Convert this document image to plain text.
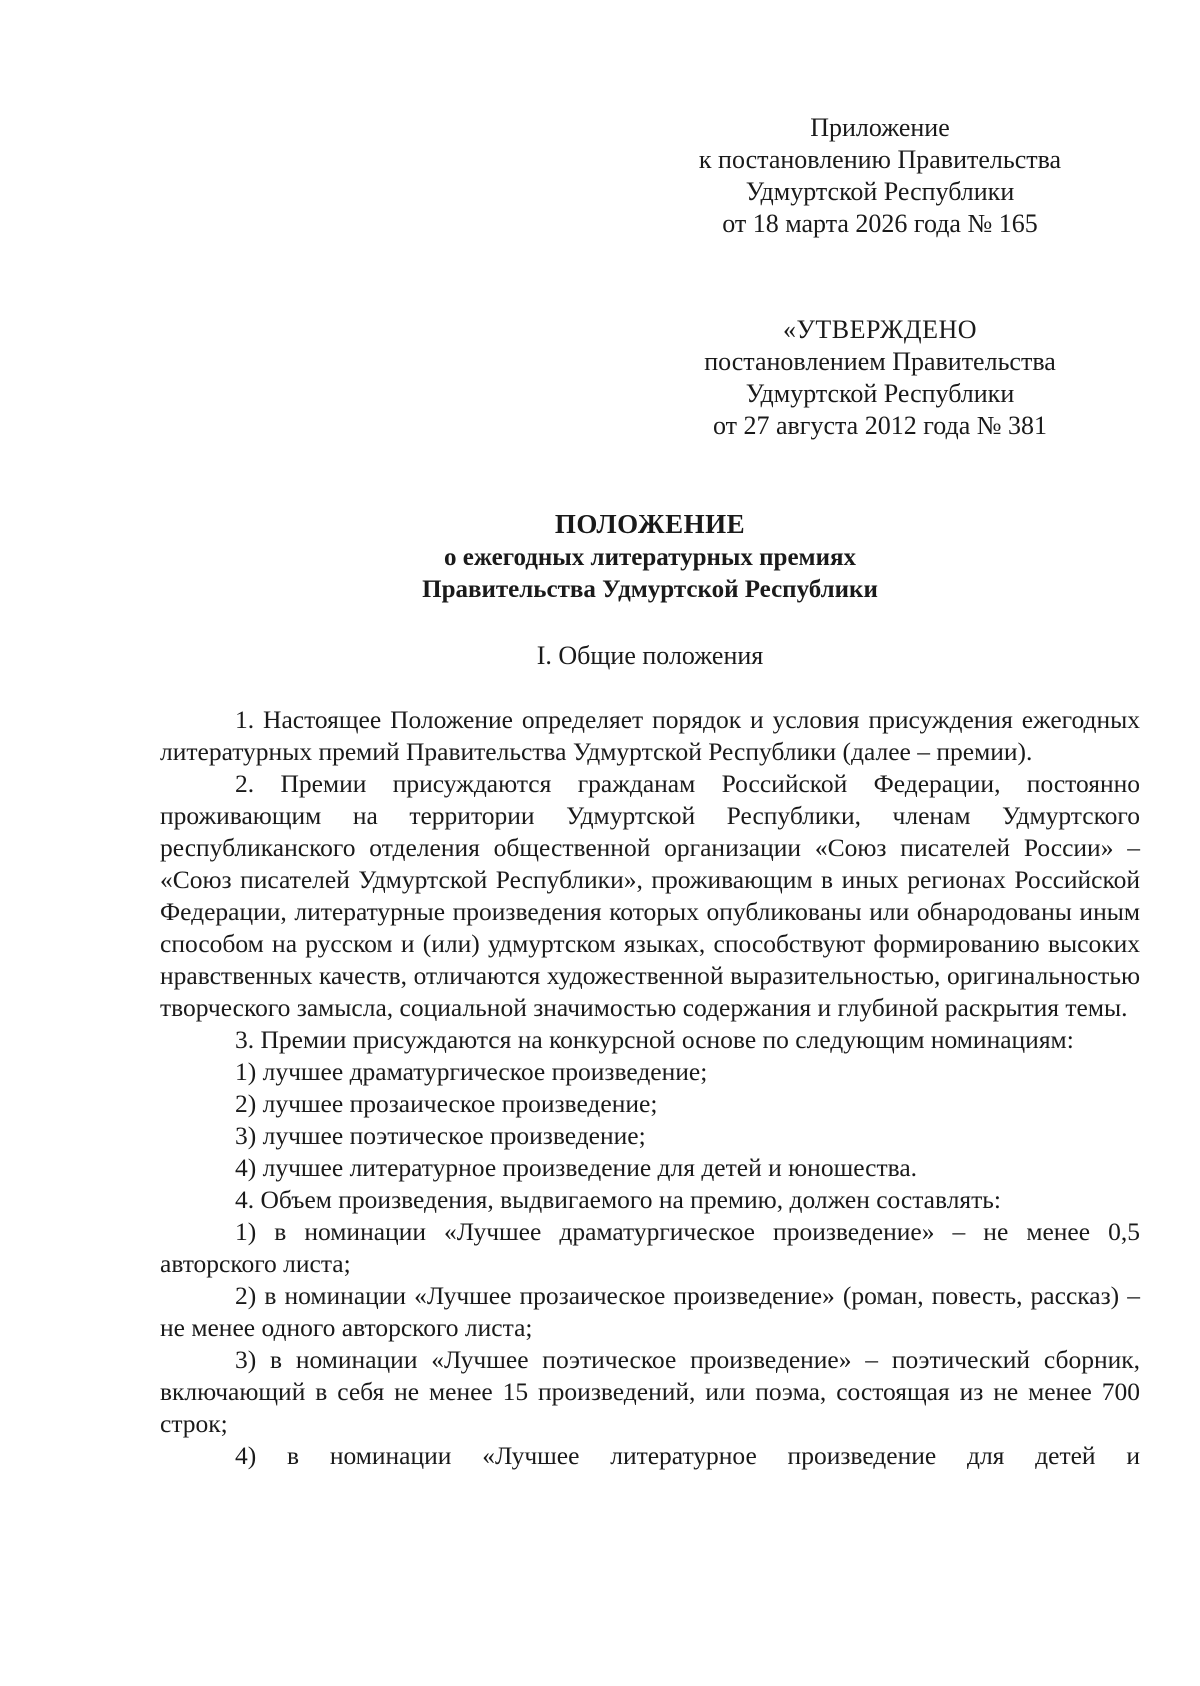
Приложение
к постановлению Правительства
Удмуртской Республики
от 18 марта 2026 года № 165
«УТВЕРЖДЕНО
постановлением Правительства
Удмуртской Республики
от 27 августа 2012 года № 381
ПОЛОЖЕНИЕ
о ежегодных литературных премиях
Правительства Удмуртской Республики
I. Общие положения

1. Настоящее Положение определяет порядок и условия присуждения ежегодных литературных премий Правительства Удмуртской Республики (далее – премии).

2. Премии присуждаются гражданам Российской Федерации, постоянно проживающим на территории Удмуртской Республики, членам Удмуртского республиканского отделения общественной организации «Союз писателей России» – «Союз писателей Удмуртской Республики», проживающим в иных регионах Российской Федерации, литературные произведения которых опубликованы или обнародованы иным способом на русском и (или) удмуртском языках, способствуют формированию высоких нравственных качеств, отличаются художественной выразительностью, оригинальностью творческого замысла, социальной значимостью содержания и глубиной раскрытия темы.

3. Премии присуждаются на конкурсной основе по следующим номинациям:

1) лучшее драматургическое произведение;

2) лучшее прозаическое произведение;

3) лучшее поэтическое произведение;

4) лучшее литературное произведение для детей и юношества.

4. Объем произведения, выдвигаемого на премию, должен составлять:

1) в номинации «Лучшее драматургическое произведение» – не менее 0,5 авторского листа;

2) в номинации «Лучшее прозаическое произведение» (роман, повесть, рассказ) – не менее одного авторского листа;

3) в номинации «Лучшее поэтическое произведение» – поэтический сборник, включающий в себя не менее 15 произведений, или поэма, состоящая из не менее 700 строк;

4) в номинации «Лучшее литературное произведение для детей и
